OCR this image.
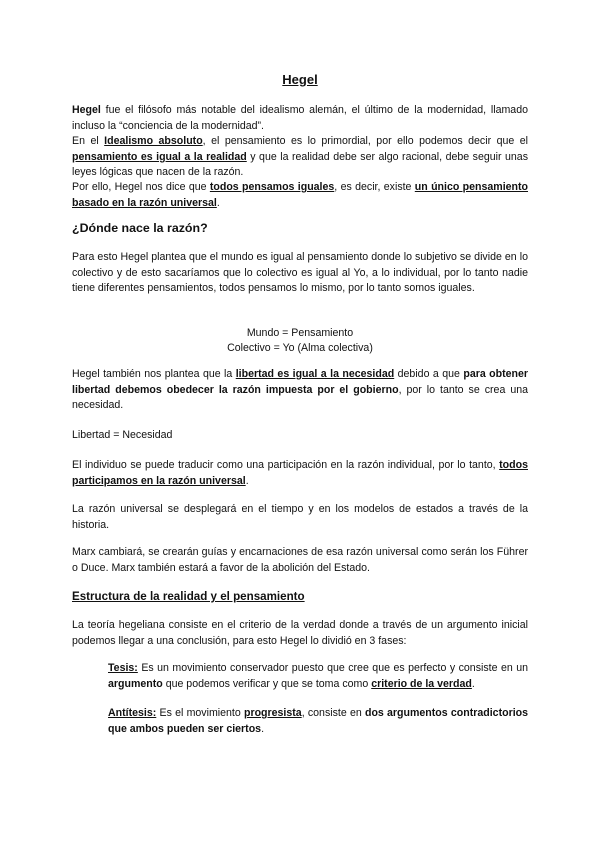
Hegel

Hegel fue el filósofo más notable del idealismo alemán, el último de la modernidad, llamado incluso la “conciencia de la modernidad”.

En el Idealismo absoluto, el pensamiento es lo primordial, por ello podemos decir que el pensamiento es igual a la realidad y que la realidad debe ser algo racional, debe seguir unas leyes lógicas que nacen de la razón.

Por ello, Hegel nos dice que todos pensamos iguales, es decir, existe un único pensamiento basado en la razón universal.

¿Dónde nace la razón?

Para esto Hegel plantea que el mundo es igual al pensamiento donde lo subjetivo se divide en lo colectivo y de esto sacaríamos que lo colectivo es igual al Yo, a lo individual, por lo tanto nadie tiene diferentes pensamientos, todos pensamos lo mismo, por lo tanto somos iguales.

Mundo = Pensamiento

Colectivo = Yo (Alma colectiva)

Hegel también nos plantea que la libertad es igual a la necesidad debido a que para obtener libertad debemos obedecer la razón impuesta por el gobierno, por lo tanto se crea una necesidad.

Libertad = Necesidad

El individuo se puede traducir como una participación en la razón individual, por lo tanto, todos participamos en la razón universal.

La razón universal se desplegará en el tiempo y en los modelos de estados a través de la historia.

Marx cambiará, se crearán guías y encarnaciones de esa razón universal como serán los Führer o Duce. Marx también estará a favor de la abolición del Estado.

Estructura de la realidad y el pensamiento

La teoría hegeliana consiste en el criterio de la verdad donde a través de un argumento inicial podemos llegar a una conclusión, para esto Hegel lo dividió en 3 fases:

Tesis: Es un movimiento conservador puesto que cree que es perfecto y consiste en un argumento que podemos verificar y que se toma como criterio de la verdad.

Antítesis: Es el movimiento progresista, consiste en dos argumentos contradictorios que ambos pueden ser ciertos.
